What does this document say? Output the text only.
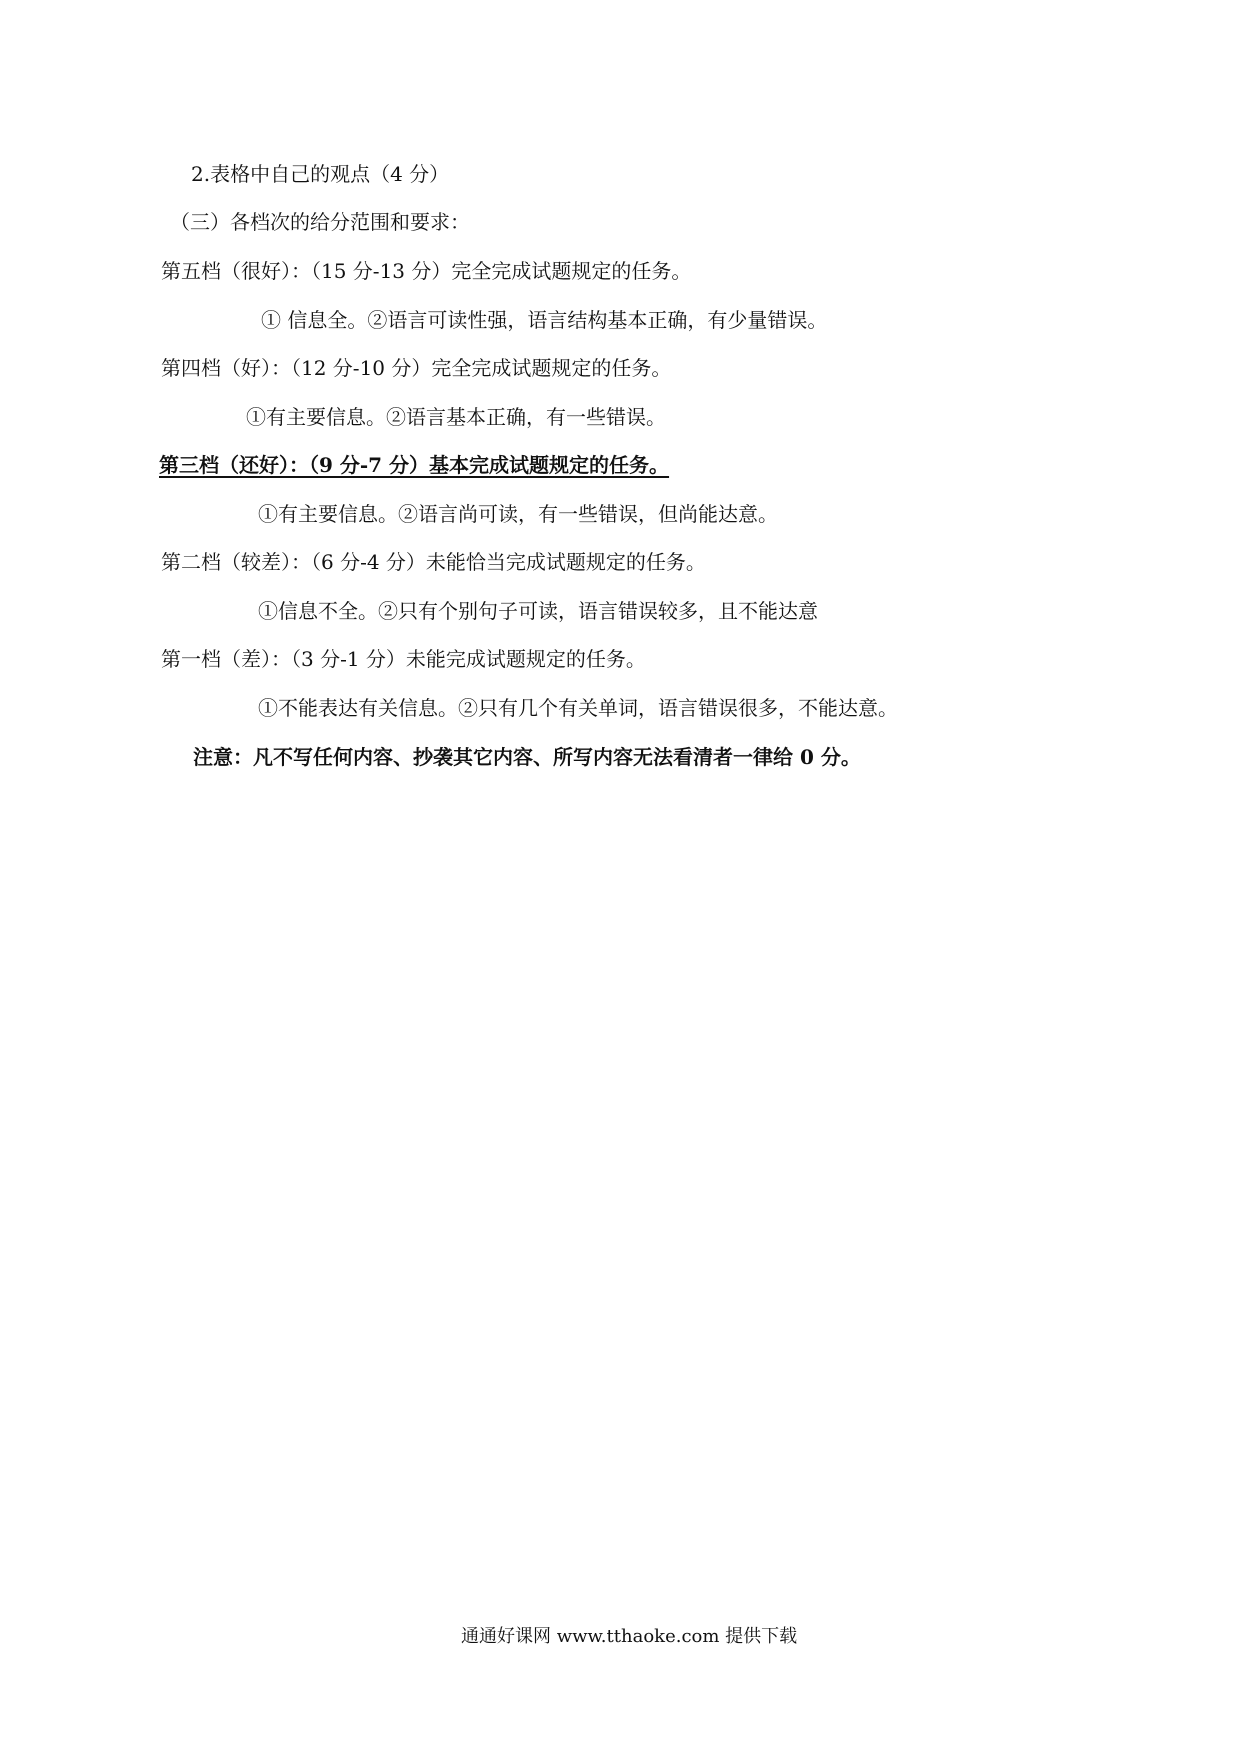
2.表格中自己的观点（4 分）
（三）各档次的给分范围和要求：
第五档（很好）：（15 分-13 分）完全完成试题规定的任务。
① 信息全。②语言可读性强，语言结构基本正确，有少量错误。
第四档（好）：（12 分-10 分）完全完成试题规定的任务。
①有主要信息。②语言基本正确，有一些错误。
第三档（还好）：（9 分-7 分）基本完成试题规定的任务。
①有主要信息。②语言尚可读，有一些错误，但尚能达意。
第二档（较差）：（6 分-4 分）未能恰当完成试题规定的任务。
①信息不全。②只有个别句子可读，语言错误较多，且不能达意
第一档（差）：（3 分-1 分）未能完成试题规定的任务。
①不能表达有关信息。②只有几个有关单词，语言错误很多，不能达意。
注意：凡不写任何内容、抄袭其它内容、所写内容无法看清者一律给 0 分。
通通好课网 www.tthaoke.com 提供下载
